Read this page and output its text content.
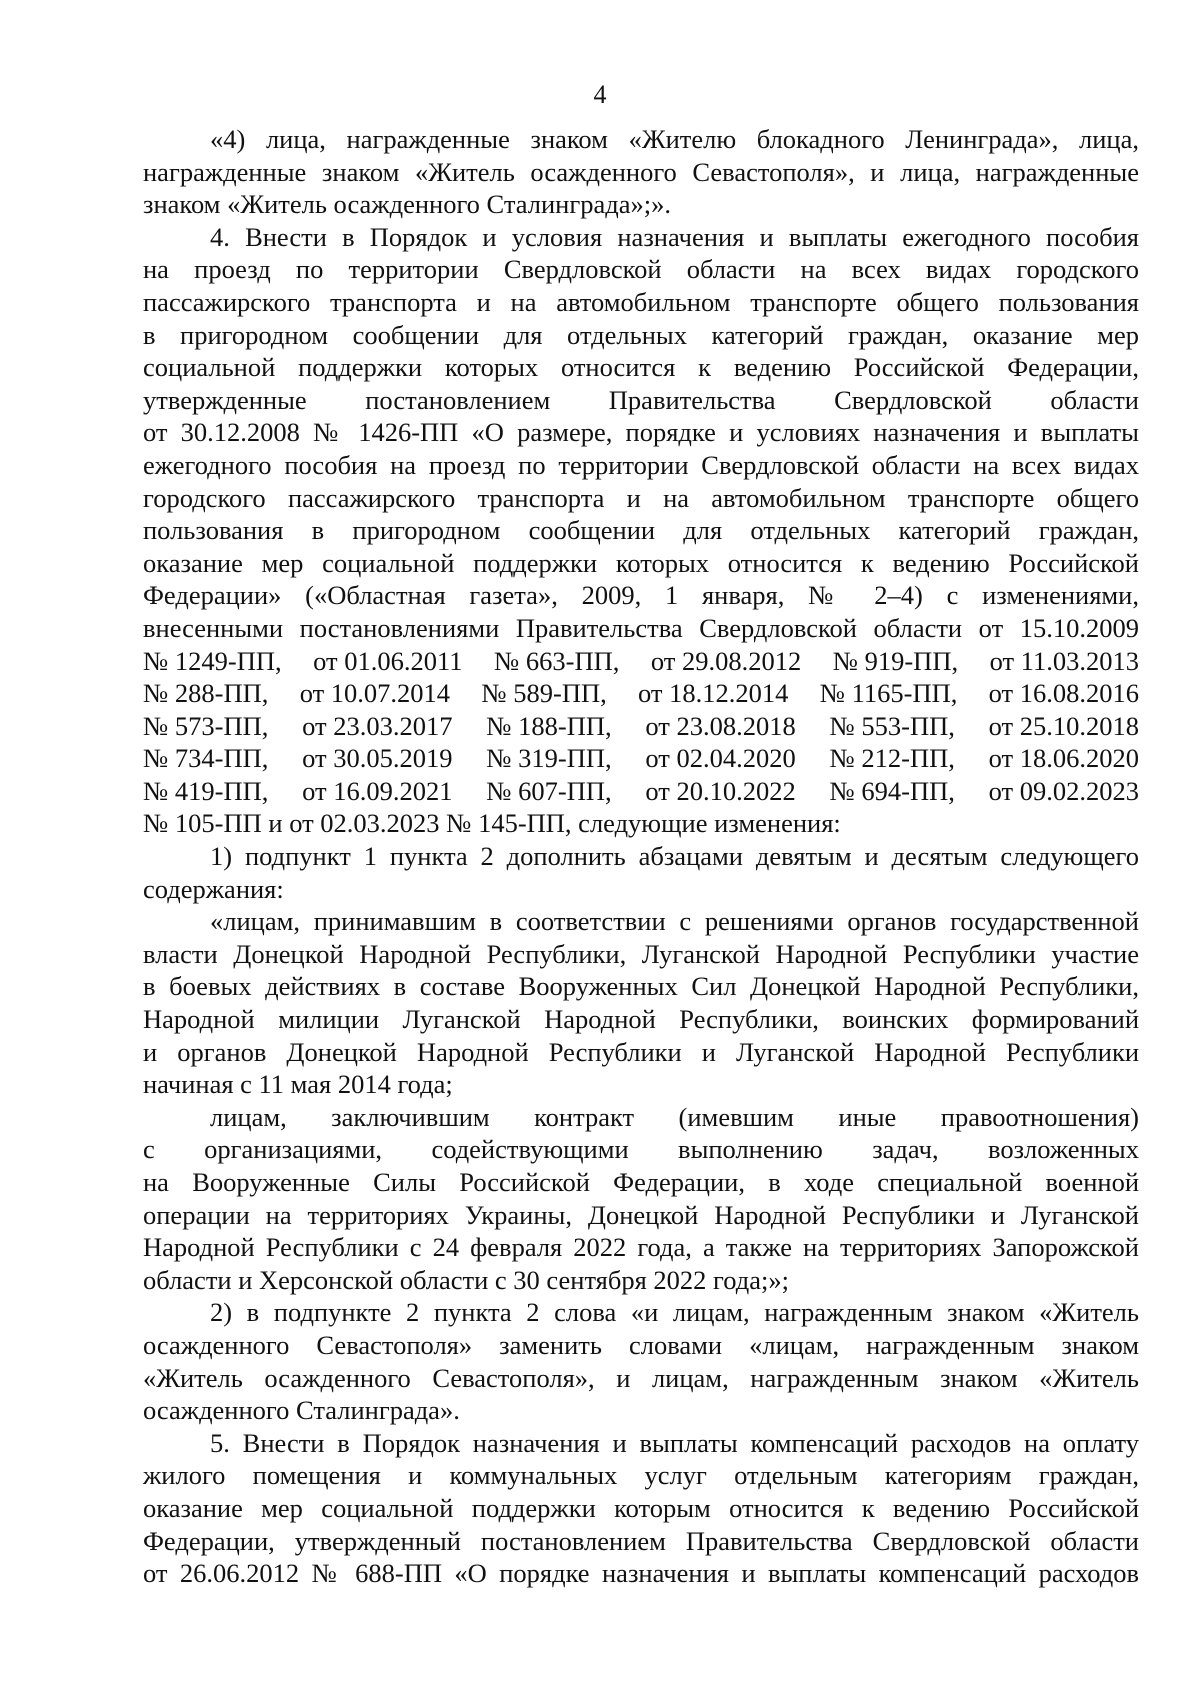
4
«4) лица, награжденные знаком «Жителю блокадного Ленинграда», лица,
награжденные знаком «Житель осажденного Севастополя», и лица, награжденные
знаком «Житель осажденного Сталинграда»;».
4. Внести в Порядок и условия назначения и выплаты ежегодного пособия
на проезд по территории Свердловской области на всех видах городского
пассажирского транспорта и на автомобильном транспорте общего пользования
в пригородном сообщении для отдельных категорий граждан, оказание мер
социальной поддержки которых относится к ведению Российской Федерации,
утвержденные постановлением Правительства Свердловской области
от 30.12.2008 № 1426-ПП «О размере, порядке и условиях назначения и выплаты
ежегодного пособия на проезд по территории Свердловской области на всех видах
городского пассажирского транспорта и на автомобильном транспорте общего
пользования в пригородном сообщении для отдельных категорий граждан,
оказание мер социальной поддержки которых относится к ведению Российской
Федерации» («Областная газета», 2009, 1 января, № 2–4) с изменениями,
внесенными постановлениями Правительства Свердловской области от 15.10.2009
№ 1249-ПП, от 01.06.2011 № 663-ПП, от 29.08.2012 № 919-ПП, от 11.03.2013
№ 288-ПП, от 10.07.2014 № 589-ПП, от 18.12.2014 № 1165-ПП, от 16.08.2016
№ 573-ПП, от 23.03.2017 № 188-ПП, от 23.08.2018 № 553-ПП, от 25.10.2018
№ 734-ПП, от 30.05.2019 № 319-ПП, от 02.04.2020 № 212-ПП, от 18.06.2020
№ 419-ПП, от 16.09.2021 № 607-ПП, от 20.10.2022 № 694-ПП, от 09.02.2023
№ 105-ПП и от 02.03.2023 № 145-ПП, следующие изменения:
1) подпункт 1 пункта 2 дополнить абзацами девятым и десятым следующего
содержания:
«лицам, принимавшим в соответствии с решениями органов государственной
власти Донецкой Народной Республики, Луганской Народной Республики участие
в боевых действиях в составе Вооруженных Сил Донецкой Народной Республики,
Народной милиции Луганской Народной Республики, воинских формирований
и органов Донецкой Народной Республики и Луганской Народной Республики
начиная с 11 мая 2014 года;
лицам, заключившим контракт (имевшим иные правоотношения)
с организациями, содействующими выполнению задач, возложенных
на Вооруженные Силы Российской Федерации, в ходе специальной военной
операции на территориях Украины, Донецкой Народной Республики и Луганской
Народной Республики с 24 февраля 2022 года, а также на территориях Запорожской
области и Херсонской области с 30 сентября 2022 года;»;
2) в подпункте 2 пункта 2 слова «и лицам, награжденным знаком «Житель
осажденного Севастополя» заменить словами «лицам, награжденным знаком
«Житель осажденного Севастополя», и лицам, награжденным знаком «Житель
осажденного Сталинграда».
5. Внести в Порядок назначения и выплаты компенсаций расходов на оплату
жилого помещения и коммунальных услуг отдельным категориям граждан,
оказание мер социальной поддержки которым относится к ведению Российской
Федерации, утвержденный постановлением Правительства Свердловской области
от 26.06.2012 № 688-ПП «О порядке назначения и выплаты компенсаций расходов
